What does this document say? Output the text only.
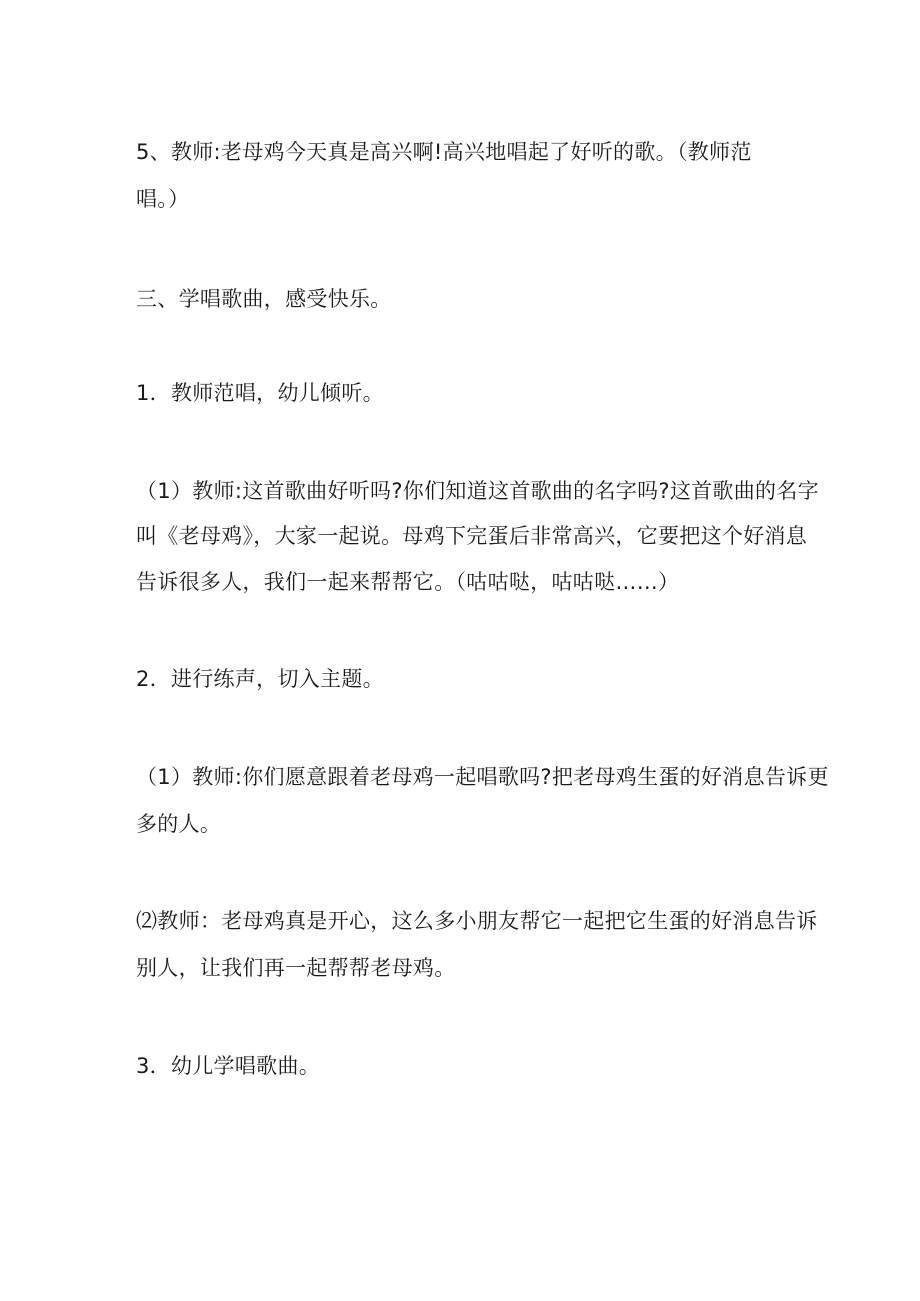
5、教师:老母鸡今天真是高兴啊!高兴地唱起了好听的歌。（教师范
唱。）
三、学唱歌曲，感受快乐。
1．教师范唱，幼儿倾听。
（1）教师:这首歌曲好听吗?你们知道这首歌曲的名字吗?这首歌曲的名字
叫《老母鸡》，大家一起说。母鸡下完蛋后非常高兴，它要把这个好消息
告诉很多人，我们一起来帮帮它。（咕咕哒，咕咕哒……）
2．进行练声，切入主题。
（1）教师:你们愿意跟着老母鸡一起唱歌吗?把老母鸡生蛋的好消息告诉更
多的人。
⑵教师：老母鸡真是开心，这么多小朋友帮它一起把它生蛋的好消息告诉
别人，让我们再一起帮帮老母鸡。
3．幼儿学唱歌曲。
